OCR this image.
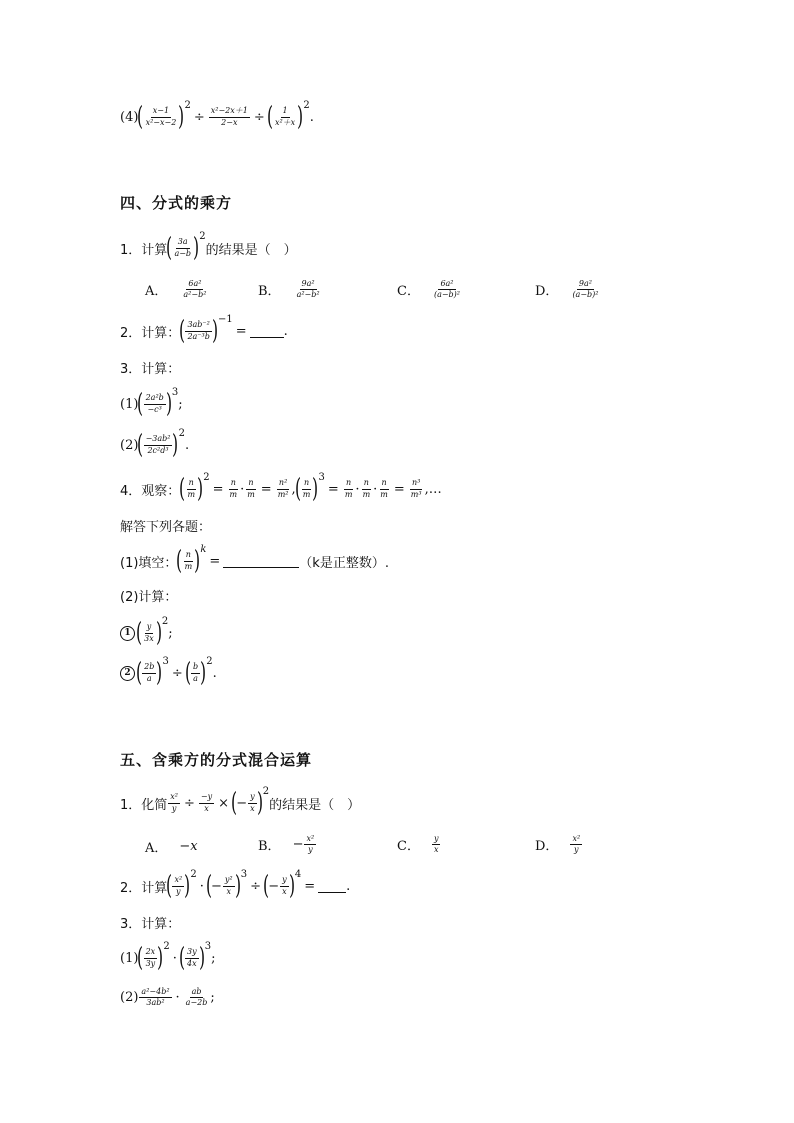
(4) ( $\frac{x-1}{\text{x²−x−2}}$ ) 2
÷ $\frac{\text{x²−2x＋1}}{2-x}$ ÷ ( $\frac{1}{\text{x²＋x}}$ ) 2
.
四、分式的乘方
1．计算 ( $\frac{3a}{a-b}$ ) 2
的结果是（　）
A． $\frac{\text{6a²}}{\text{a²−b²}}$	B． $\frac{\text{9a²}}{\text{a²−b²}}$	C． $\frac{\text{6a²}}{\text{(a−b)²}}$	D． $\frac{\text{9a²}}{\text{(a−b)²}}$
2．计算： ( $\frac{\text{3ab⁻²}}{\text{2a⁻³b}}$ ) −1
=	.
3．计算：
(1) ( $\frac{\text{2a²b}}{\text{−c³}}$ ) 3
;
(2) ( $\frac{\text{−3ab²}}{\text{2c²d³}}$ ) 2
.
4．观察： ( $\frac{n}{m}$ ) 2
= $\frac{n}{m} \cdot \frac{n}{m} = \frac{\text{n²}}{\text{m²}}$ , ( $\frac{n}{m}$ ) 3
= $\frac{n}{m} \cdot \frac{n}{m} \cdot \frac{n}{m} = \frac{\text{n³}}{\text{m³}}$ ,…
解答下列各题：
(1)填空： ( $\frac{n}{m}$ ) k
=	（k是正整数）.
(2)计算：
1 ( $\frac{y}{3x}$ ) 2
;
2 ( $\frac{2b}{a}$ ) 3
÷ ( $\frac{b}{a}$ ) 2
.
五、含乘方的分式混合运算
1．化简 $\frac{\text{x²}}{y} \div \frac{-y}{x}$ × ( − $\frac{y}{x}$ ) 2
的结果是（　）
A． −x	B． − $\frac{\text{x²}}{y}$	C． $\frac{y}{x}$	D． $\frac{\text{x²}}{y}$
2．计算 ( $\frac{\text{x²}}{y}$ ) 2
· ( − $\frac{\text{y²}}{x}$ ) 3
÷ ( − $\frac{y}{x}$ ) 4
= .
3．计算：
(1) ( $\frac{2x}{3y}$ ) 2
· ( $\frac{3y}{4x}$ ) 3
;
$(2) \frac{\text{a²−4b²}}{\text{3ab²}} \cdot \frac{ab}{a-2b}$ ;
